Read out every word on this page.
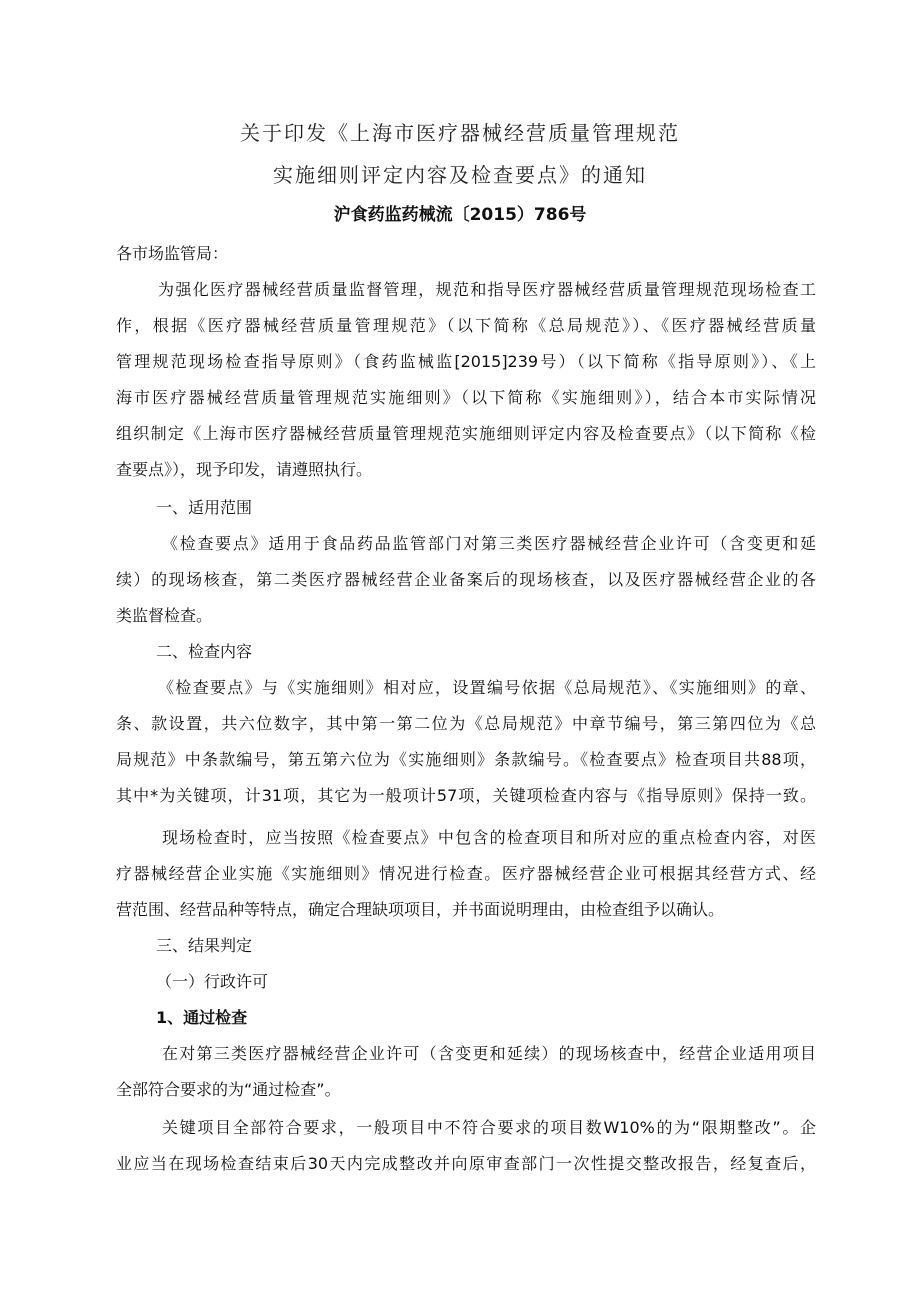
关于印发《上海市医疗器械经营质量管理规范
实施细则评定内容及检查要点》的通知
沪食药监药械流〔2015）786号
各市场监管局：
为强化医疗器械经营质量监督管理，规范和指导医疗器械经营质量管理规范现场检查工
作，根据《医疗器械经营质量管理规范》（以下简称《总局规范》）、《医疗器械经营质量
管理规范现场检查指导原则》（食药监械监[2015]239号）（以下简称《指导原则》）、《上
海市医疗器械经营质量管理规范实施细则》（以下简称《实施细则》），结合本市实际情况
组织制定《上海市医疗器械经营质量管理规范实施细则评定内容及检查要点》（以下简称《检
查要点》），现予印发，请遵照执行。
一、适用范围
《检查要点》适用于食品药品监管部门对第三类医疗器械经营企业许可（含变更和延
续）的现场核查，第二类医疗器械经营企业备案后的现场核查，以及医疗器械经营企业的各
类监督检查。
二、检查内容
《检查要点》与《实施细则》相对应，设置编号依据《总局规范》、《实施细则》的章、
条、款设置，共六位数字，其中第一第二位为《总局规范》中章节编号，第三第四位为《总
局规范》中条款编号，第五第六位为《实施细则》条款编号。《检查要点》检查项目共88项，
其中*为关键项，计31项，其它为一般项计57项，关键项检查内容与《指导原则》保持一致。
现场检查时，应当按照《检查要点》中包含的检查项目和所对应的重点检查内容，对医
疗器械经营企业实施《实施细则》情况进行检查。医疗器械经营企业可根据其经营方式、经
营范围、经营品种等特点，确定合理缺项项目，并书面说明理由，由检查组予以确认。
三、结果判定
（一）行政许可
1、通过检查
在对第三类医疗器械经营企业许可（含变更和延续）的现场核查中，经营企业适用项目
全部符合要求的为“通过检查”。
关键项目全部符合要求，一般项目中不符合要求的项目数W10%的为“限期整改”。企
业应当在现场检查结束后30天内完成整改并向原审查部门一次性提交整改报告，经复查后，
